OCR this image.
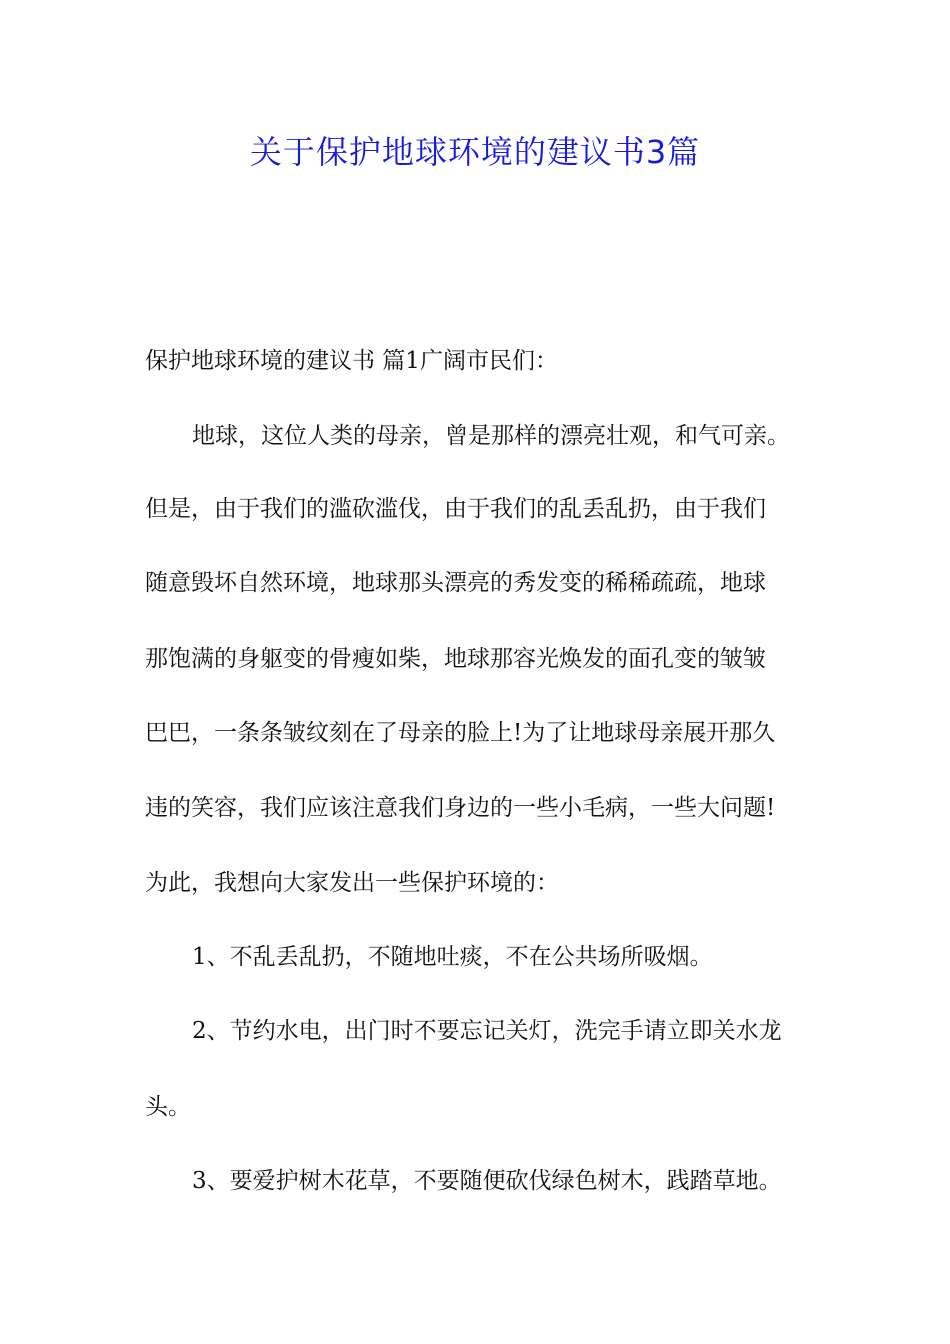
关于保护地球环境的建议书3篇
保护地球环境的建议书 篇1广阔市民们：
地球，这位人类的母亲，曾是那样的漂亮壮观，和气可亲。
但是，由于我们的滥砍滥伐，由于我们的乱丢乱扔，由于我们
随意毁坏自然环境，地球那头漂亮的秀发变的稀稀疏疏，地球
那饱满的身躯变的骨瘦如柴，地球那容光焕发的面孔变的皱皱
巴巴，一条条皱纹刻在了母亲的脸上!为了让地球母亲展开那久
违的笑容，我们应该注意我们身边的一些小毛病，一些大问题!
为此，我想向大家发出一些保护环境的：
1、不乱丢乱扔，不随地吐痰，不在公共场所吸烟。
2、节约水电，出门时不要忘记关灯，洗完手请立即关水龙
头。
3、要爱护树木花草，不要随便砍伐绿色树木，践踏草地。
